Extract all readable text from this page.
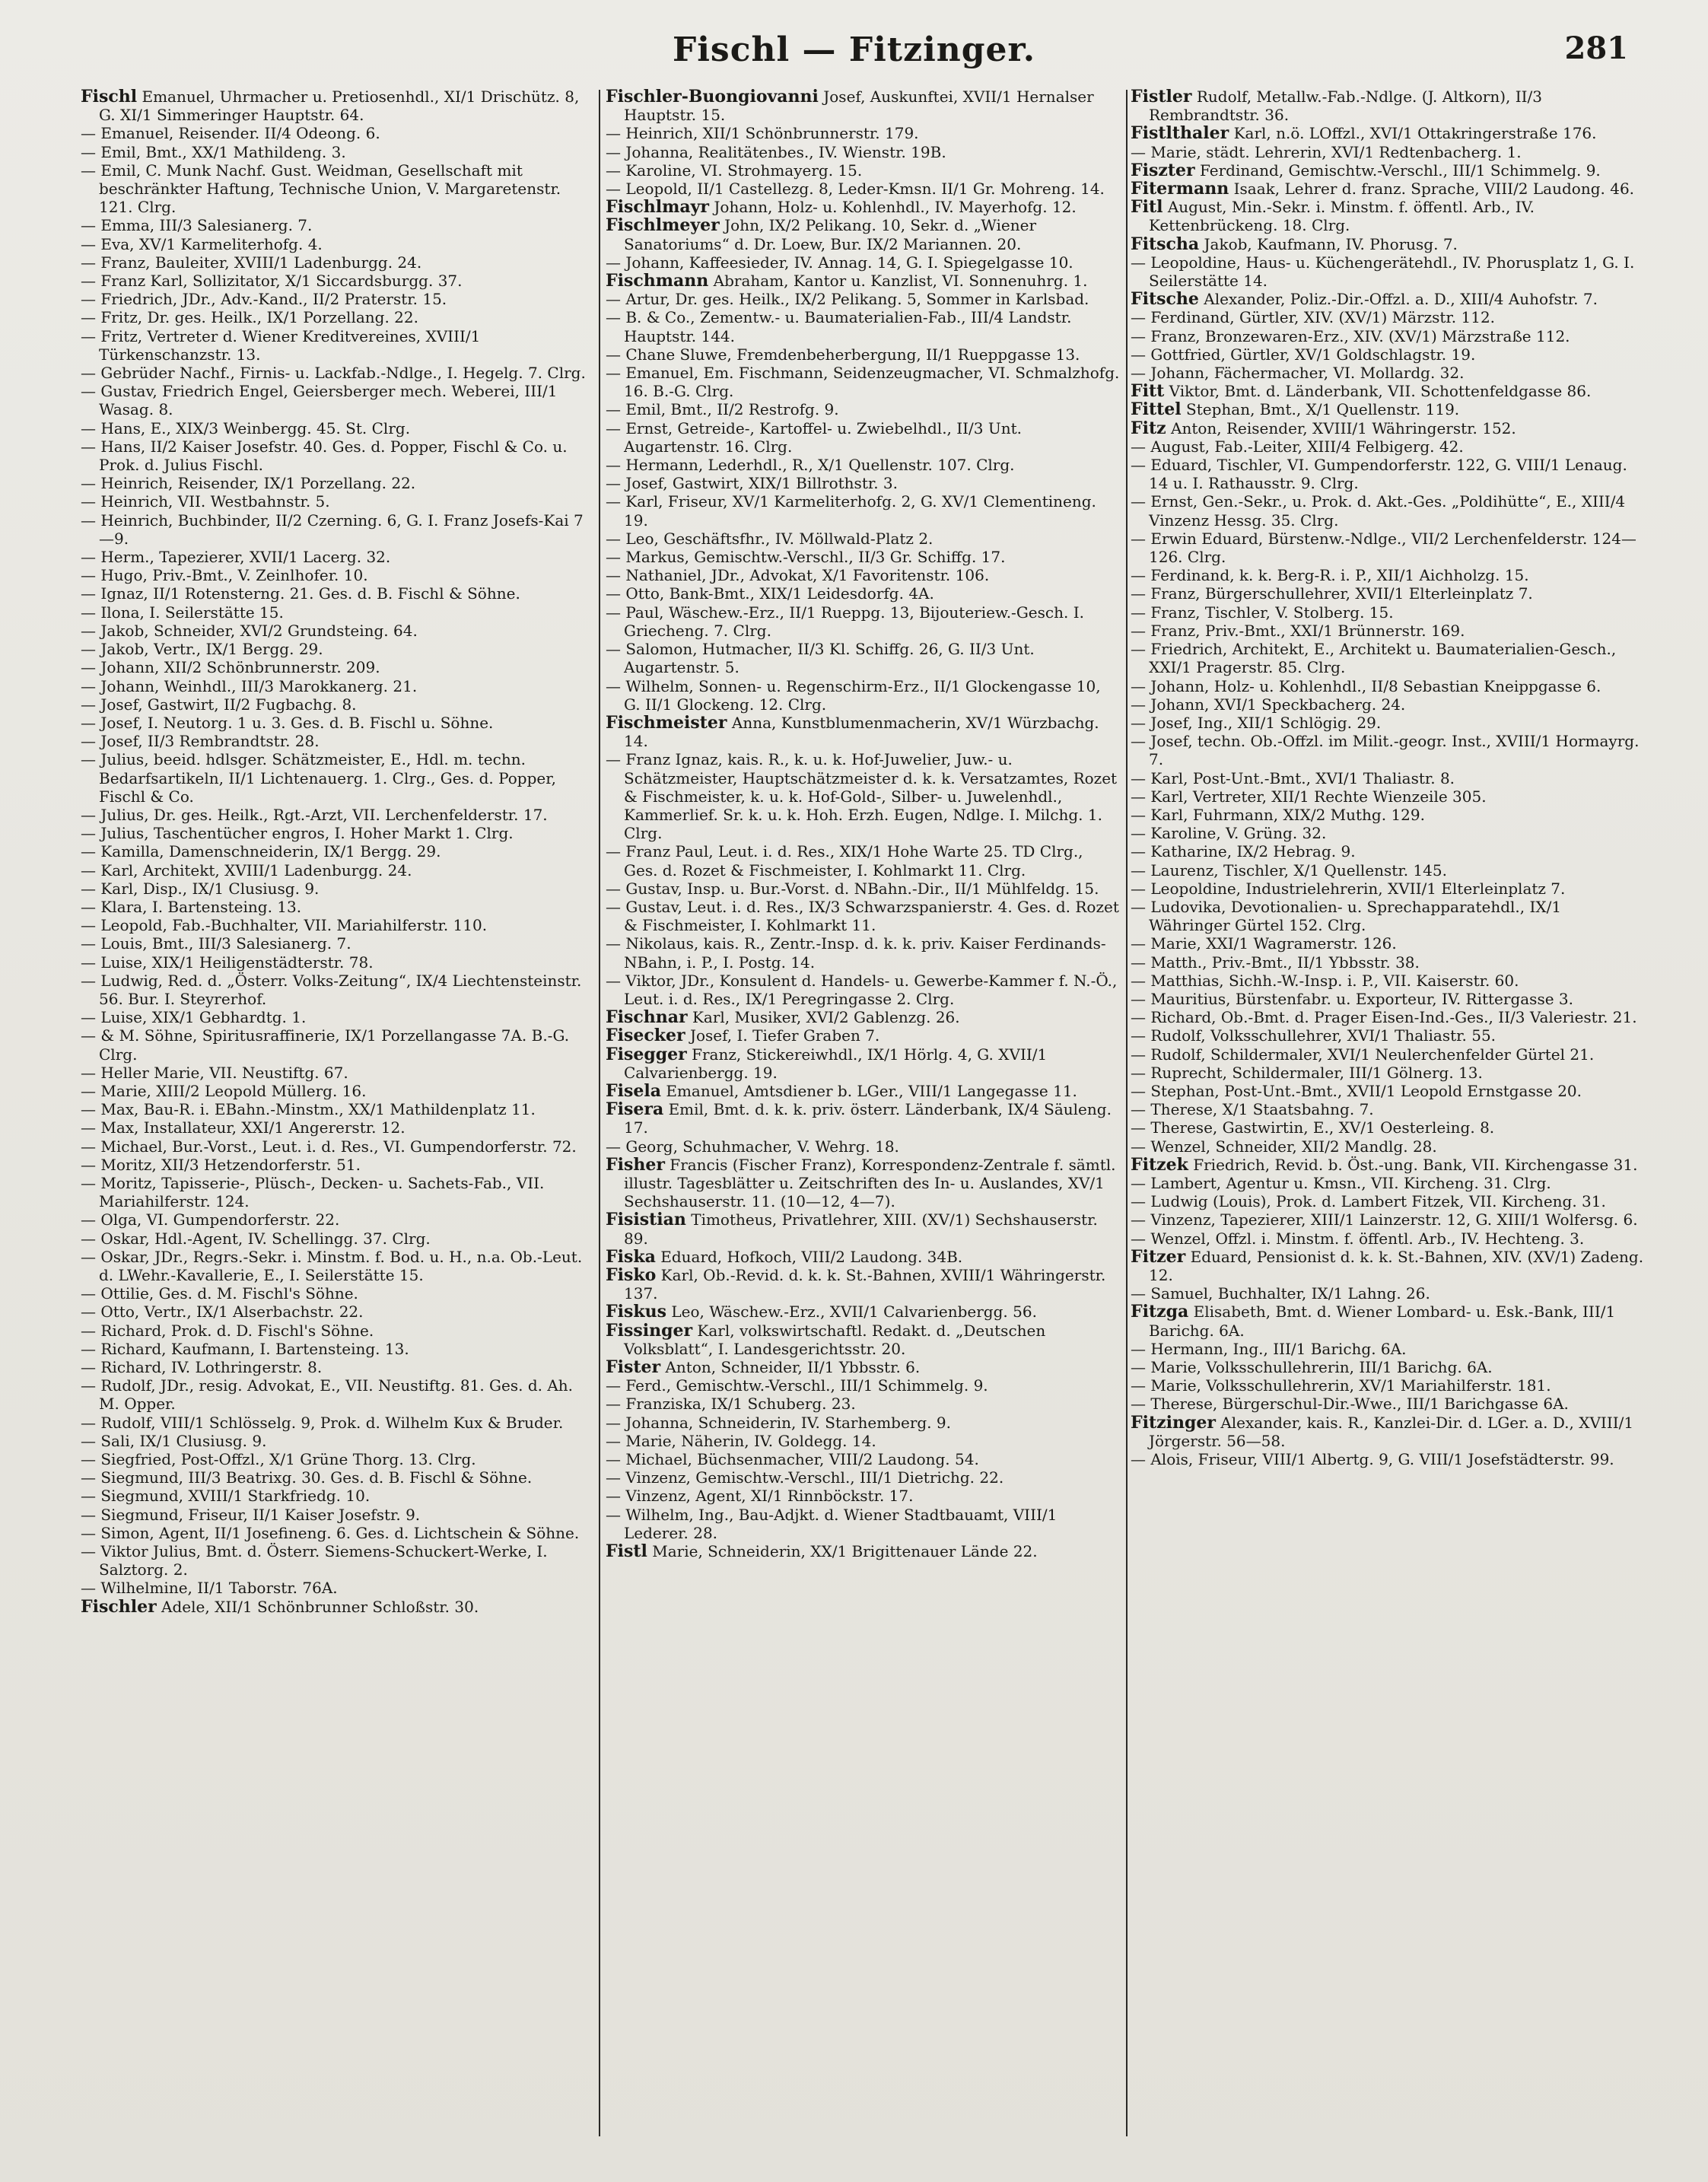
Fischl — Fitzinger.	281
Fischl Emanuel, Uhrmacher u. Pretiosenhdl., XI/1 Drischütz. 8, G. XI/1 Simmeringer Hauptstr. 64.
— Emanuel, Reisender. II/4 Odeong. 6.
— Emil, Bmt., XX/1 Mathildeng. 3.
— Emil, C. Munk Nachf. Gust. Weidman, Gesellschaft mit beschränkter Haftung, Technische Union, V. Margaretenstr. 121. Clrg.
— Emma, III/3 Salesianerg. 7.
— Eva, XV/1 Karmeliterhofg. 4.
— Franz, Bauleiter, XVIII/1 Ladenburgg. 24.
— Franz Karl, Sollizitator, X/1 Siccardsburgg. 37.
— Friedrich, JDr., Adv.-Kand., II/2 Praterstr. 15.
— Fritz, Dr. ges. Heilk., IX/1 Porzellang. 22.
— Fritz, Vertreter d. Wiener Kreditvereines, XVIII/1 Türkenschanzstr. 13.
— Gebrüder Nachf., Firnis- u. Lackfab.-Ndlge., I. Hegelg. 7. Clrg.
— Gustav, Friedrich Engel, Geiersberger mech. Weberei, III/1 Wasag. 8.
— Hans, E., XIX/3 Weinbergg. 45. St. Clrg.
— Hans, II/2 Kaiser Josefstr. 40. Ges. d. Popper, Fischl & Co. u. Prok. d. Julius Fischl.
— Heinrich, Reisender, IX/1 Porzellang. 22.
— Heinrich, VII. Westbahnstr. 5.
— Heinrich, Buchbinder, II/2 Czerning. 6, G. I. Franz Josefs-Kai 7—9.
— Herm., Tapezierer, XVII/1 Lacerg. 32.
— Hugo, Priv.-Bmt., V. Zeinlhofer. 10.
— Ignaz, II/1 Rotensterng. 21. Ges. d. B. Fischl & Söhne.
— Ilona, I. Seilerstätte 15.
— Jakob, Schneider, XVI/2 Grundsteing. 64.
— Jakob, Vertr., IX/1 Bergg. 29.
— Johann, XII/2 Schönbrunnerstr. 209.
— Johann, Weinhdl., III/3 Marokkanerg. 21.
— Josef, Gastwirt, II/2 Fugbachg. 8.
— Josef, I. Neutorg. 1 u. 3. Ges. d. B. Fischl u. Söhne.
— Josef, II/3 Rembrandtstr. 28.
— Julius, beeid. hdlsger. Schätzmeister, E., Hdl. m. techn. Bedarfsartikeln, II/1 Lichtenauerg. 1. Clrg., Ges. d. Popper, Fischl & Co.
— Julius, Dr. ges. Heilk., Rgt.-Arzt, VII. Lerchenfelderstr. 17.
— Julius, Taschentücher engros, I. Hoher Markt 1. Clrg.
— Kamilla, Damenschneiderin, IX/1 Bergg. 29.
— Karl, Architekt, XVIII/1 Ladenburgg. 24.
— Karl, Disp., IX/1 Clusiusg. 9.
— Klara, I. Bartensteing. 13.
— Leopold, Fab.-Buchhalter, VII. Mariahilferstr. 110.
— Louis, Bmt., III/3 Salesianerg. 7.
— Luise, XIX/1 Heiligenstädterstr. 78.
— Ludwig, Red. d. „Österr. Volks-Zeitung“, IX/4 Liechtensteinstr. 56. Bur. I. Steyrerhof.
— Luise, XIX/1 Gebhardtg. 1.
— & M. Söhne, Spiritusraffinerie, IX/1 Porzellangasse 7A. B.-G. Clrg.
— Heller Marie, VII. Neustiftg. 67.
— Marie, XIII/2 Leopold Müllerg. 16.
— Max, Bau-R. i. EBahn.-Minstm., XX/1 Mathildenplatz 11.
— Max, Installateur, XXI/1 Angererstr. 12.
— Michael, Bur.-Vorst., Leut. i. d. Res., VI. Gumpendorferstr. 72.
— Moritz, XII/3 Hetzendorferstr. 51.
— Moritz, Tapisserie-, Plüsch-, Decken- u. Sachets-Fab., VII. Mariahilferstr. 124.
— Olga, VI. Gumpendorferstr. 22.
— Oskar, Hdl.-Agent, IV. Schellingg. 37. Clrg.
— Oskar, JDr., Regrs.-Sekr. i. Minstm. f. Bod. u. H., n.a. Ob.-Leut. d. LWehr.-Kavallerie, E., I. Seilerstätte 15.
— Ottilie, Ges. d. M. Fischl's Söhne.
— Otto, Vertr., IX/1 Alserbachstr. 22.
— Richard, Prok. d. D. Fischl's Söhne.
— Richard, Kaufmann, I. Bartensteing. 13.
— Richard, IV. Lothringerstr. 8.
— Rudolf, JDr., resig. Advokat, E., VII. Neustiftg. 81. Ges. d. Ah. M. Opper.
— Rudolf, VIII/1 Schlösselg. 9, Prok. d. Wilhelm Kux & Bruder.
— Sali, IX/1 Clusiusg. 9.
— Siegfried, Post-Offzl., X/1 Grüne Thorg. 13. Clrg.
— Siegmund, III/3 Beatrixg. 30. Ges. d. B. Fischl & Söhne.
— Siegmund, XVIII/1 Starkfriedg. 10.
— Siegmund, Friseur, II/1 Kaiser Josefstr. 9.
— Simon, Agent, II/1 Josefineng. 6. Ges. d. Lichtschein & Söhne.
— Viktor Julius, Bmt. d. Österr. Siemens-Schuckert-Werke, I. Salztorg. 2.
— Wilhelmine, II/1 Taborstr. 76A.
Fischler Adele, XII/1 Schönbrunner Schloßstr. 30.
Fischler-Buongiovanni Josef, Auskunftei, XVII/1 Hernalser Hauptstr. 15.
— Heinrich, XII/1 Schönbrunnerstr. 179.
— Johanna, Realitätenbes., IV. Wienstr. 19B.
— Karoline, VI. Strohmayerg. 15.
— Leopold, II/1 Castellezg. 8, Leder-Kmsn. II/1 Gr. Mohreng. 14.
Fischlmayr Johann, Holz- u. Kohlenhdl., IV. Mayerhofg. 12.
Fischlmeyer John, IX/2 Pelikang. 10, Sekr. d. „Wiener Sanatoriums“ d. Dr. Loew, Bur. IX/2 Mariannen. 20.
— Johann, Kaffeesieder, IV. Annag. 14, G. I. Spiegelgasse 10.
Fischmann Abraham, Kantor u. Kanzlist, VI. Sonnenuhrg. 1.
— Artur, Dr. ges. Heilk., IX/2 Pelikang. 5, Sommer in Karlsbad.
— B. & Co., Zementw.- u. Baumaterialien-Fab., III/4 Landstr. Hauptstr. 144.
— Chane Sluwe, Fremdenbeherbergung, II/1 Rueppgasse 13.
— Emanuel, Em. Fischmann, Seidenzeugmacher, VI. Schmalzhofg. 16. B.-G. Clrg.
— Emil, Bmt., II/2 Restrofg. 9.
— Ernst, Getreide-, Kartoffel- u. Zwiebelhdl., II/3 Unt. Augartenstr. 16. Clrg.
— Hermann, Lederhdl., R., X/1 Quellenstr. 107. Clrg.
— Josef, Gastwirt, XIX/1 Billrothstr. 3.
— Karl, Friseur, XV/1 Karmeliterhofg. 2, G. XV/1 Clementineng. 19.
— Leo, Geschäftsfhr., IV. Möllwald-Platz 2.
— Markus, Gemischtw.-Verschl., II/3 Gr. Schiffg. 17.
— Nathaniel, JDr., Advokat, X/1 Favoritenstr. 106.
— Otto, Bank-Bmt., XIX/1 Leidesdorfg. 4A.
— Paul, Wäschew.-Erz., II/1 Rueppg. 13, Bijouteriew.-Gesch. I. Griecheng. 7. Clrg.
— Salomon, Hutmacher, II/3 Kl. Schiffg. 26, G. II/3 Unt. Augartenstr. 5.
— Wilhelm, Sonnen- u. Regenschirm-Erz., II/1 Glockengasse 10, G. II/1 Glockeng. 12. Clrg.
Fischmeister Anna, Kunstblumenmacherin, XV/1 Würzbachg. 14.
— Franz Ignaz, kais. R., k. u. k. Hof-Juwelier, Juw.- u. Schätzmeister, Hauptschätzmeister d. k. k. Versatzamtes, Rozet & Fischmeister, k. u. k. Hof-Gold-, Silber- u. Juwelenhdl., Kammerlief. Sr. k. u. k. Hoh. Erzh. Eugen, Ndlge. I. Milchg. 1. Clrg.
— Franz Paul, Leut. i. d. Res., XIX/1 Hohe Warte 25. TD Clrg., Ges. d. Rozet & Fischmeister, I. Kohlmarkt 11. Clrg.
— Gustav, Insp. u. Bur.-Vorst. d. NBahn.-Dir., II/1 Mühlfeldg. 15.
— Gustav, Leut. i. d. Res., IX/3 Schwarzspanierstr. 4. Ges. d. Rozet & Fischmeister, I. Kohlmarkt 11.
— Nikolaus, kais. R., Zentr.-Insp. d. k. k. priv. Kaiser Ferdinands-NBahn, i. P., I. Postg. 14.
— Viktor, JDr., Konsulent d. Handels- u. Gewerbe-Kammer f. N.-Ö., Leut. i. d. Res., IX/1 Peregringasse 2. Clrg.
Fischnar Karl, Musiker, XVI/2 Gablenzg. 26.
Fisecker Josef, I. Tiefer Graben 7.
Fisegger Franz, Stickereiwhdl., IX/1 Hörlg. 4, G. XVII/1 Calvarienbergg. 19.
Fisela Emanuel, Amtsdiener b. LGer., VIII/1 Langegasse 11.
Fisera Emil, Bmt. d. k. k. priv. österr. Länderbank, IX/4 Säuleng. 17.
— Georg, Schuhmacher, V. Wehrg. 18.
Fisher Francis (Fischer Franz), Korrespondenz-Zentrale f. sämtl. illustr. Tagesblätter u. Zeitschriften des In- u. Auslandes, XV/1 Sechshauserstr. 11. (10—12, 4—7).
Fisistian Timotheus, Privatlehrer, XIII. (XV/1) Sechshauserstr. 89.
Fiska Eduard, Hofkoch, VIII/2 Laudong. 34B.
Fisko Karl, Ob.-Revid. d. k. k. St.-Bahnen, XVIII/1 Währingerstr. 137.
Fiskus Leo, Wäschew.-Erz., XVII/1 Calvarienbergg. 56.
Fissinger Karl, volkswirtschaftl. Redakt. d. „Deutschen Volksblatt“, I. Landesgerichtsstr. 20.
Fister Anton, Schneider, II/1 Ybbsstr. 6.
— Ferd., Gemischtw.-Verschl., III/1 Schimmelg. 9.
— Franziska, IX/1 Schuberg. 23.
— Johanna, Schneiderin, IV. Starhemberg. 9.
— Marie, Näherin, IV. Goldegg. 14.
— Michael, Büchsenmacher, VIII/2 Laudong. 54.
— Vinzenz, Gemischtw.-Verschl., III/1 Dietrichg. 22.
— Vinzenz, Agent, XI/1 Rinnböckstr. 17.
— Wilhelm, Ing., Bau-Adjkt. d. Wiener Stadtbauamt, VIII/1 Lederer. 28.
Fistl Marie, Schneiderin, XX/1 Brigittenauer Lände 22.
Fistler Rudolf, Metallw.-Fab.-Ndlge. (J. Altkorn), II/3 Rembrandtstr. 36.
Fistlthaler Karl, n.ö. LOffzl., XVI/1 Ottakringerstraße 176.
— Marie, städt. Lehrerin, XVI/1 Redtenbacherg. 1.
Fiszter Ferdinand, Gemischtw.-Verschl., III/1 Schimmelg. 9.
Fitermann Isaak, Lehrer d. franz. Sprache, VIII/2 Laudong. 46.
Fitl August, Min.-Sekr. i. Minstm. f. öffentl. Arb., IV. Kettenbrückeng. 18. Clrg.
Fitscha Jakob, Kaufmann, IV. Phorusg. 7.
— Leopoldine, Haus- u. Küchengerätehdl., IV. Phorusplatz 1, G. I. Seilerstätte 14.
Fitsche Alexander, Poliz.-Dir.-Offzl. a. D., XIII/4 Auhofstr. 7.
— Ferdinand, Gürtler, XIV. (XV/1) Märzstr. 112.
— Franz, Bronzewaren-Erz., XIV. (XV/1) Märzstraße 112.
— Gottfried, Gürtler, XV/1 Goldschlagstr. 19.
— Johann, Fächermacher, VI. Mollardg. 32.
Fitt Viktor, Bmt. d. Länderbank, VII. Schottenfeldgasse 86.
Fittel Stephan, Bmt., X/1 Quellenstr. 119.
Fitz Anton, Reisender, XVIII/1 Währingerstr. 152.
— August, Fab.-Leiter, XIII/4 Felbigerg. 42.
— Eduard, Tischler, VI. Gumpendorferstr. 122, G. VIII/1 Lenaug. 14 u. I. Rathausstr. 9. Clrg.
— Ernst, Gen.-Sekr., u. Prok. d. Akt.-Ges. „Poldihütte“, E., XIII/4 Vinzenz Hessg. 35. Clrg.
— Erwin Eduard, Bürstenw.-Ndlge., VII/2 Lerchenfelderstr. 124—126. Clrg.
— Ferdinand, k. k. Berg-R. i. P., XII/1 Aichholzg. 15.
— Franz, Bürgerschullehrer, XVII/1 Elterleinplatz 7.
— Franz, Tischler, V. Stolberg. 15.
— Franz, Priv.-Bmt., XXI/1 Brünnerstr. 169.
— Friedrich, Architekt, E., Architekt u. Baumaterialien-Gesch., XXI/1 Pragerstr. 85. Clrg.
— Johann, Holz- u. Kohlenhdl., II/8 Sebastian Kneippgasse 6.
— Johann, XVI/1 Speckbacherg. 24.
— Josef, Ing., XII/1 Schlögig. 29.
— Josef, techn. Ob.-Offzl. im Milit.-geogr. Inst., XVIII/1 Hormayrg. 7.
— Karl, Post-Unt.-Bmt., XVI/1 Thaliastr. 8.
— Karl, Vertreter, XII/1 Rechte Wienzeile 305.
— Karl, Fuhrmann, XIX/2 Muthg. 129.
— Karoline, V. Grüng. 32.
— Katharine, IX/2 Hebrag. 9.
— Laurenz, Tischler, X/1 Quellenstr. 145.
— Leopoldine, Industrielehrerin, XVII/1 Elterleinplatz 7.
— Ludovika, Devotionalien- u. Sprechapparatehdl., IX/1 Währinger Gürtel 152. Clrg.
— Marie, XXI/1 Wagramerstr. 126.
— Matth., Priv.-Bmt., II/1 Ybbsstr. 38.
— Matthias, Sichh.-W.-Insp. i. P., VII. Kaiserstr. 60.
— Mauritius, Bürstenfabr. u. Exporteur, IV. Rittergasse 3.
— Richard, Ob.-Bmt. d. Prager Eisen-Ind.-Ges., II/3 Valeriestr. 21.
— Rudolf, Volksschullehrer, XVI/1 Thaliastr. 55.
— Rudolf, Schildermaler, XVI/1 Neulerchenfelder Gürtel 21.
— Ruprecht, Schildermaler, III/1 Gölnerg. 13.
— Stephan, Post-Unt.-Bmt., XVII/1 Leopold Ernstgasse 20.
— Therese, X/1 Staatsbahng. 7.
— Therese, Gastwirtin, E., XV/1 Oesterleing. 8.
— Wenzel, Schneider, XII/2 Mandlg. 28.
Fitzek Friedrich, Revid. b. Öst.-ung. Bank, VII. Kirchengasse 31.
— Lambert, Agentur u. Kmsn., VII. Kircheng. 31. Clrg.
— Ludwig (Louis), Prok. d. Lambert Fitzek, VII. Kircheng. 31.
— Vinzenz, Tapezierer, XIII/1 Lainzerstr. 12, G. XIII/1 Wolfersg. 6.
— Wenzel, Offzl. i. Minstm. f. öffentl. Arb., IV. Hechteng. 3.
Fitzer Eduard, Pensionist d. k. k. St.-Bahnen, XIV. (XV/1) Zadeng. 12.
— Samuel, Buchhalter, IX/1 Lahng. 26.
Fitzga Elisabeth, Bmt. d. Wiener Lombard- u. Esk.-Bank, III/1 Barichg. 6A.
— Hermann, Ing., III/1 Barichg. 6A.
— Marie, Volksschullehrerin, III/1 Barichg. 6A.
— Marie, Volksschullehrerin, XV/1 Mariahilferstr. 181.
— Therese, Bürgerschul-Dir.-Wwe., III/1 Barichgasse 6A.
Fitzinger Alexander, kais. R., Kanzlei-Dir. d. LGer. a. D., XVIII/1 Jörgerstr. 56—58.
— Alois, Friseur, VIII/1 Albertg. 9, G. VIII/1 Josefstädterstr. 99.
